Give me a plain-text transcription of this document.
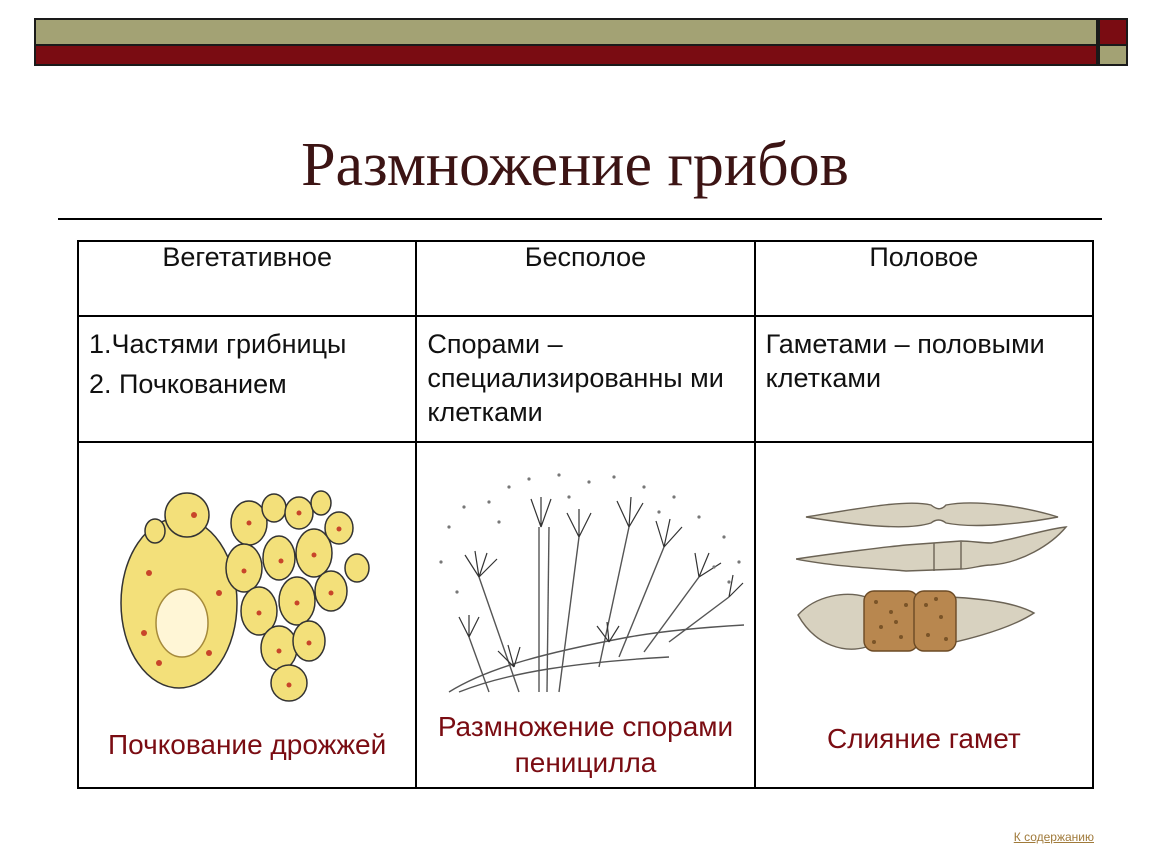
Размножение грибов
Вегетативное	Бесполое	Половое

1.Частями грибницы
2. Почкованием	Спорами – специализированны ми клетками	Гаметами – половыми клетками

Почкование дрожжей	Размножение спорами пеницилла	Слияние гамет
К содержанию
